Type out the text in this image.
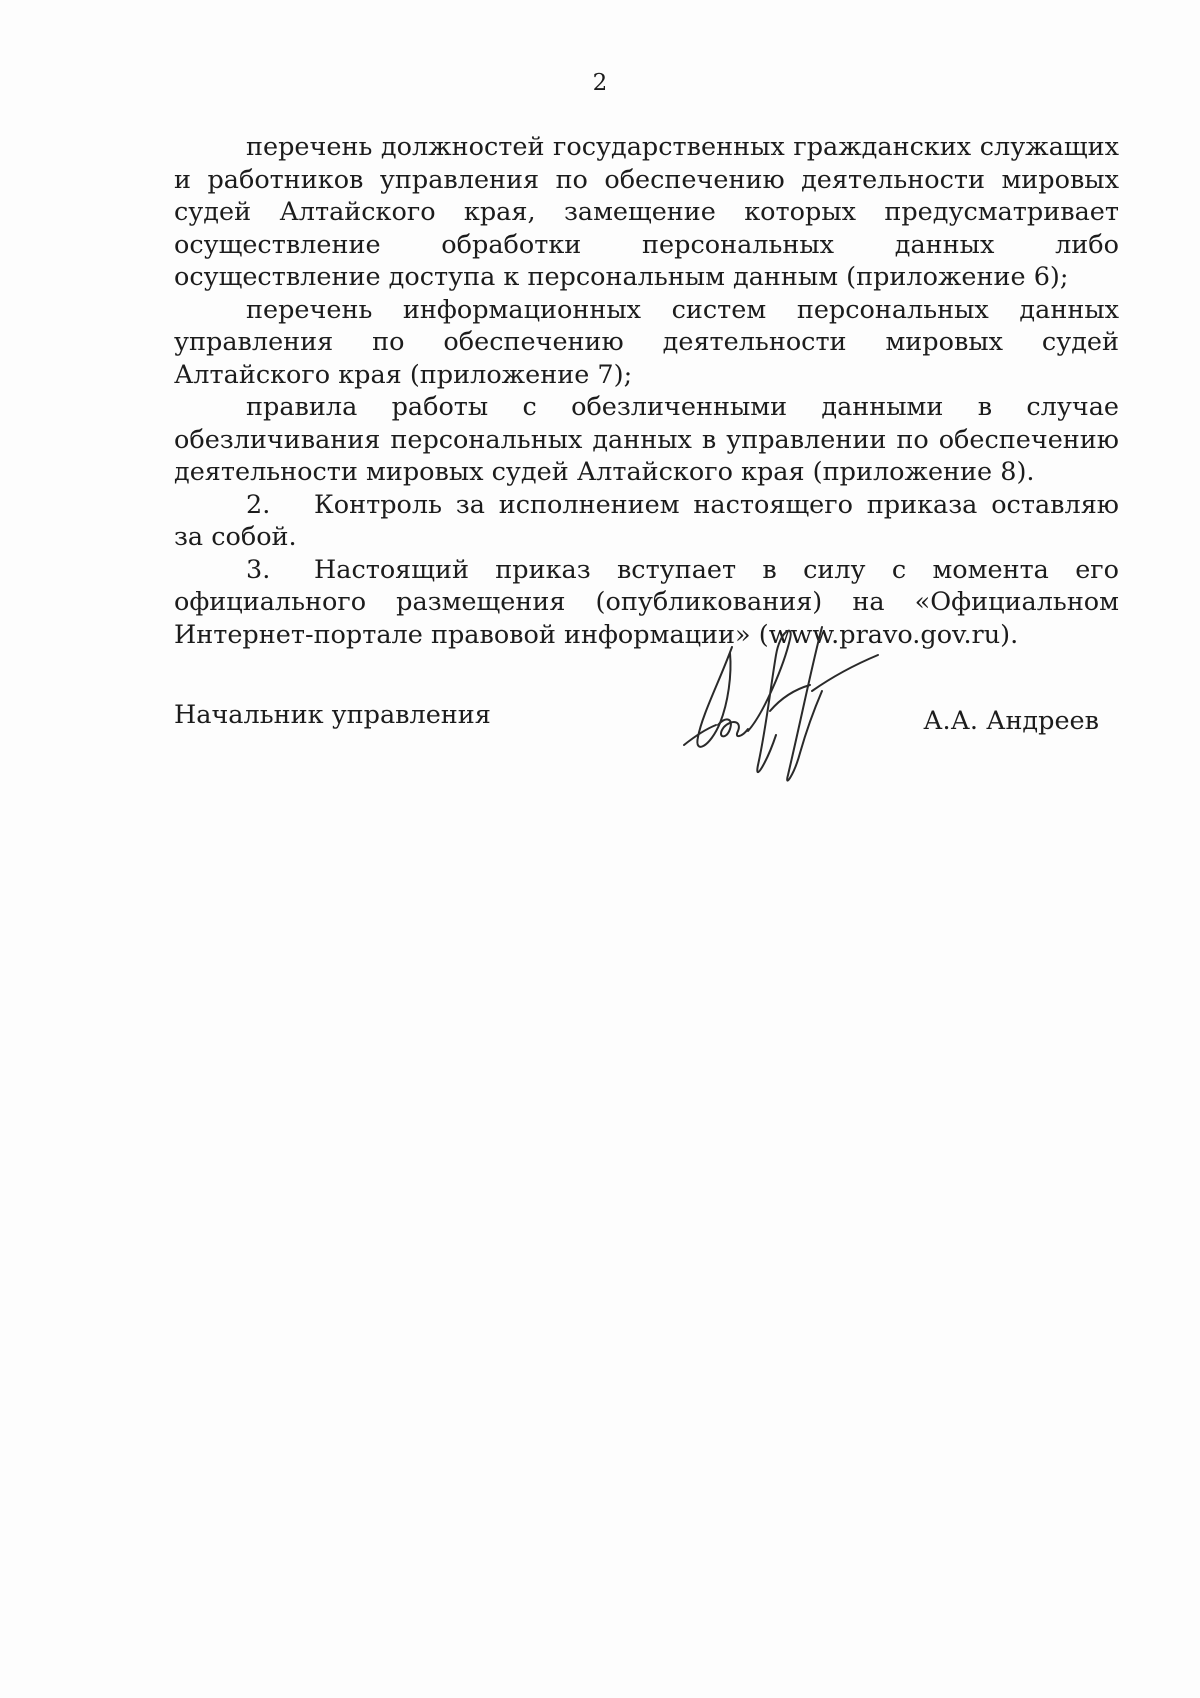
2

перечень должностей государственных гражданских служащих и работников управления по обеспечению деятельности мировых судей Алтайского края, замещение которых предусматривает осуществление обработки персональных данных либо осуществление доступа к персональным данным (приложение 6);

перечень информационных систем персональных данных управления по обеспечению деятельности мировых судей Алтайского края (приложение 7);

правила работы с обезличенными данными в случае обезличивания персональных данных в управлении по обеспечению деятельности мировых судей Алтайского края (приложение 8).

2. Контроль за исполнением настоящего приказа оставляю за собой.

3. Настоящий приказ вступает в силу с момента его официального размещения (опубликования) на «Официальном Интернет-портале правовой информации» (www.pravo.gov.ru).

Начальник управления	А.А. Андреев
